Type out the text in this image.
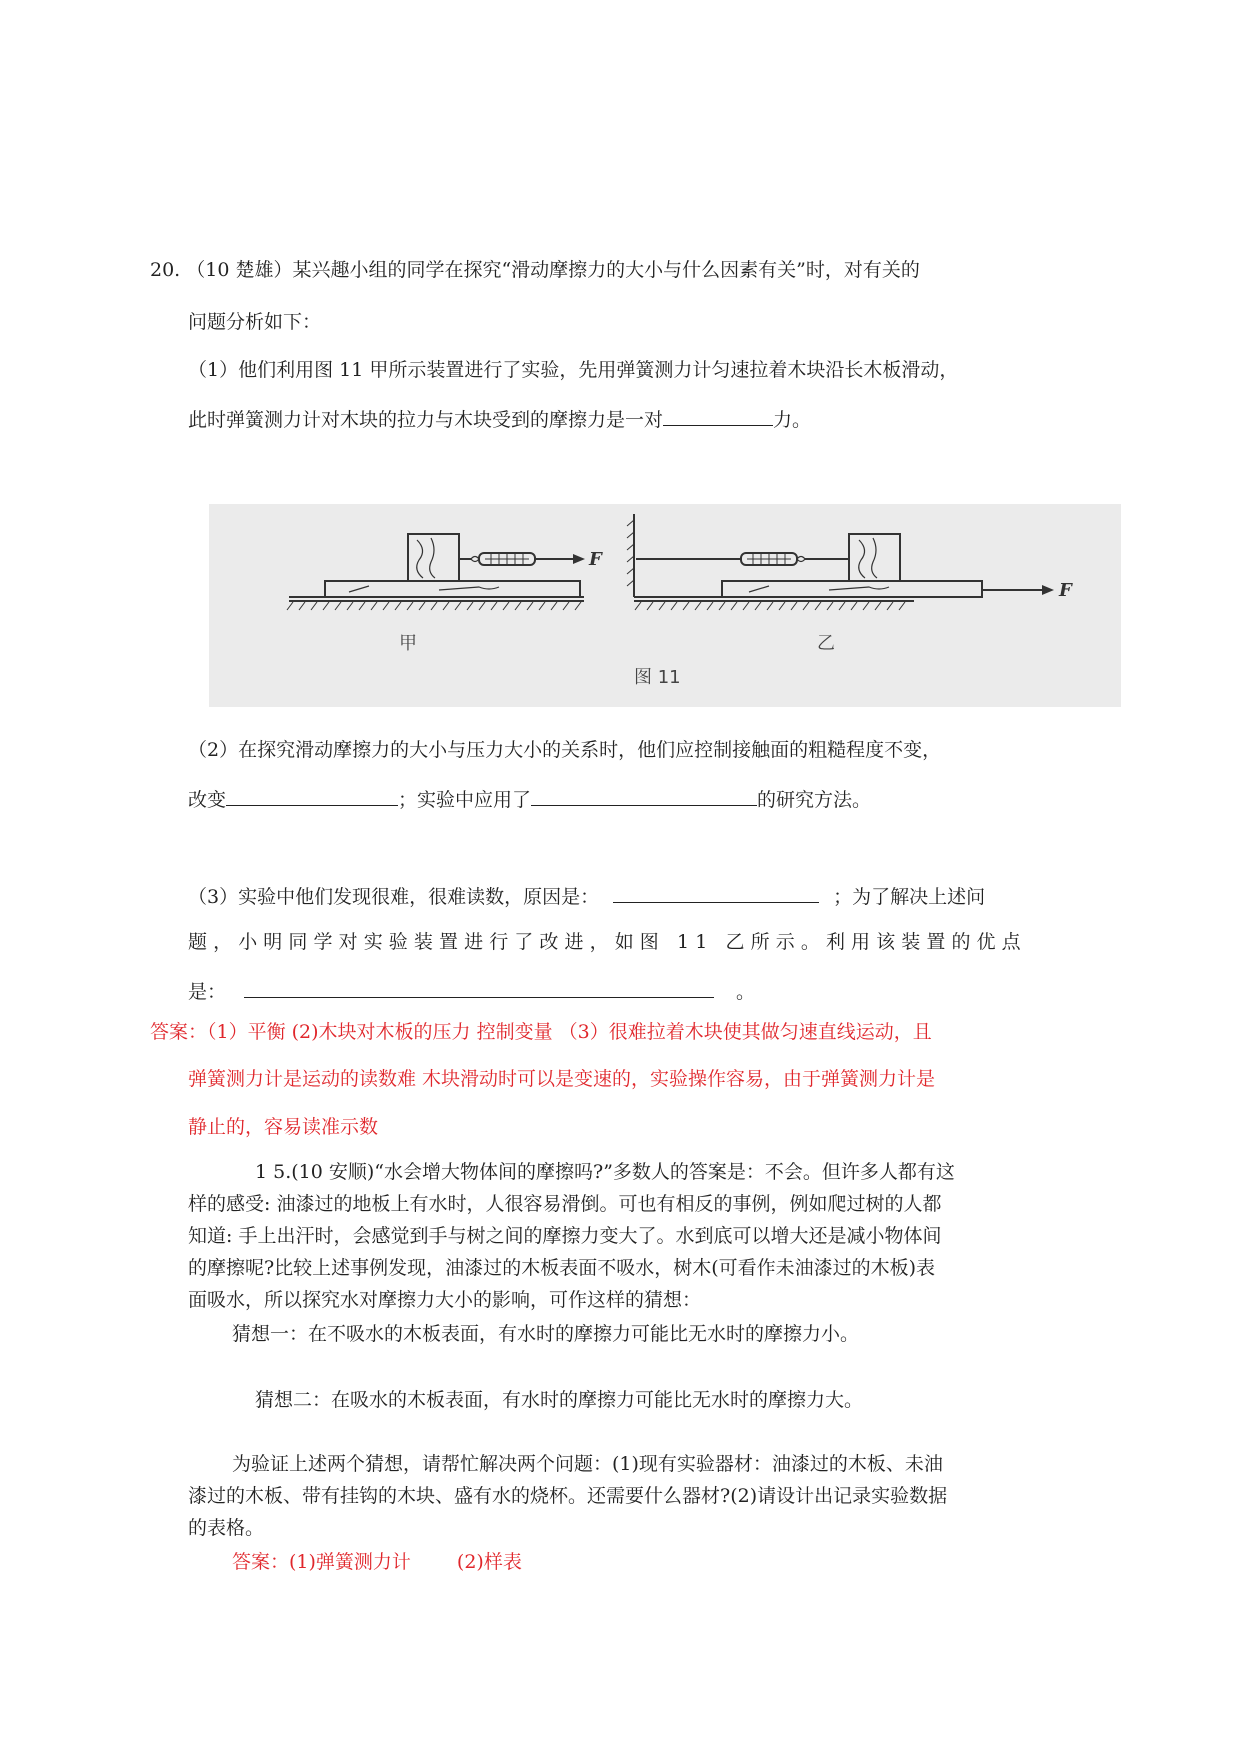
20. （10 楚雄）某兴趣小组的同学在探究“滑动摩擦力的大小与什么因素有关”时，对有关的
问题分析如下：
（1）他们利用图 11 甲所示装置进行了实验，先用弹簧测力计匀速拉着木块沿长木板滑动，
此时弹簧测力计对木块的拉力与木块受到的摩擦力是一对	力。
F
F
甲	乙
图 11
（2）在探究滑动摩擦力的大小与压力大小的关系时，他们应控制接触面的粗糙程度不变，
改变	；实验中应用了	的研究方法。
（3）实验中他们发现很难，很难读数，原因是：	；为了解决上述问
题，小明同学对实验装置进行了改进，如图 11 乙所示。利用该装置的优点
是：	。
答案：（1）平衡 (2)木块对木板的压力 控制变量 （3）很难拉着木块使其做匀速直线运动，且
弹簧测力计是运动的读数难 木块滑动时可以是变速的，实验操作容易，由于弹簧测力计是
静止的，容易读准示数
1 5.(10 安顺)“水会增大物体间的摩擦吗?”多数人的答案是：不会。但许多人都有这
样的感受: 油漆过的地板上有水时，人很容易滑倒。可也有相反的事例，例如爬过树的人都
知道: 手上出汗时，会感觉到手与树之间的摩擦力变大了。水到底可以增大还是减小物体间
的摩擦呢?比较上述事例发现，油漆过的木板表面不吸水，树木(可看作未油漆过的木板)表
面吸水，所以探究水对摩擦力大小的影响，可作这样的猜想：
猜想一：在不吸水的木板表面，有水时的摩擦力可能比无水时的摩擦力小。
猜想二：在吸水的木板表面，有水时的摩擦力可能比无水时的摩擦力大。
为验证上述两个猜想，请帮忙解决两个问题：(1)现有实验器材：油漆过的木板、未油
漆过的木板、带有挂钩的木块、盛有水的烧杯。还需要什么器材?(2)请设计出记录实验数据
的表格。
答案：(1)弹簧测力计 (2)样表
